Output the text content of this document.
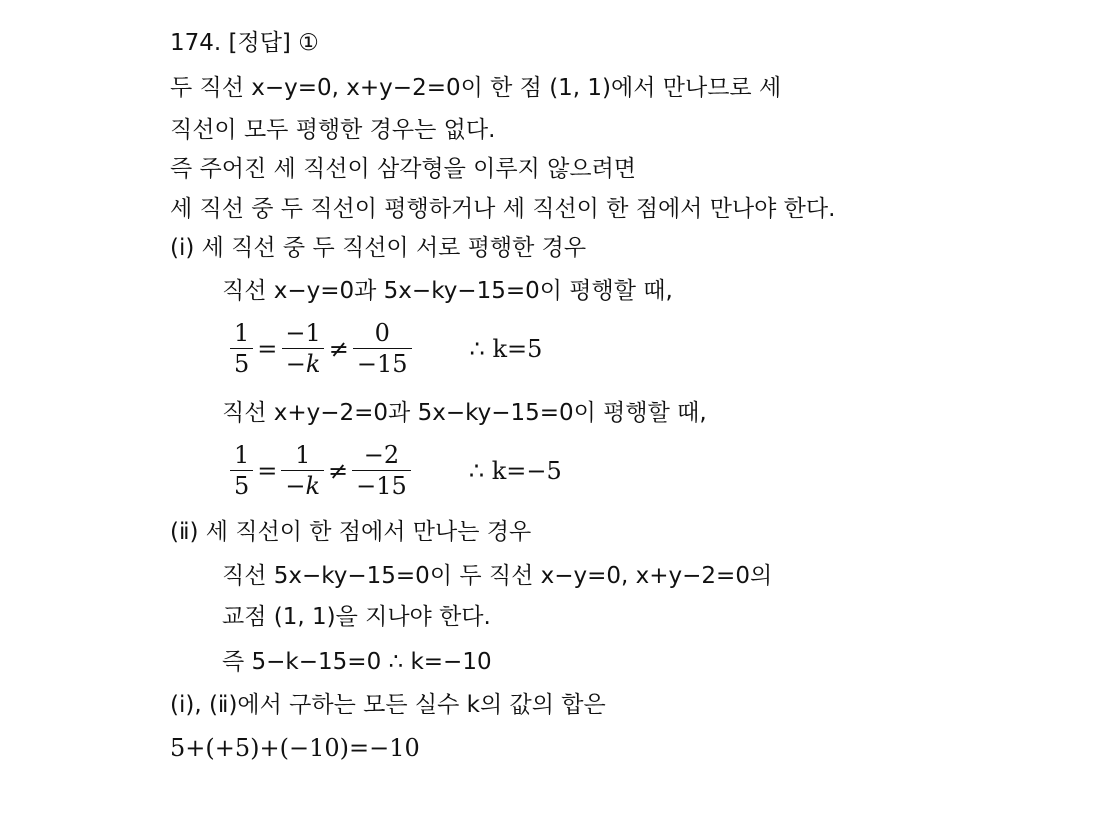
174. [정답] ①
두 직선 x−y=0, x+y−2=0이 한 점 (1, 1)에서 만나므로 세
직선이 모두 평행한 경우는 없다.
즉 주어진 세 직선이 삼각형을 이루지 않으려면
세 직선 중 두 직선이 평행하거나 세 직선이 한 점에서 만나야 한다.
(ⅰ) 세 직선 중 두 직선이 서로 평행한 경우
직선 x−y=0과 5x−ky−15=0이 평행할 때,
$\frac{1}{5} = \frac{-1}{-k} \ne \frac{0}{-15}$ ∴ k=5
직선 x+y−2=0과 5x−ky−15=0이 평행할 때,
$\frac{1}{5} = \frac{1}{-k} \ne \frac{-2}{-15}$ ∴ k=−5
(ⅱ) 세 직선이 한 점에서 만나는 경우
직선 5x−ky−15=0이 두 직선 x−y=0, x+y−2=0의
교점 (1, 1)을 지나야 한다.
즉 5−k−15=0 ∴ k=−10
(ⅰ), (ⅱ)에서 구하는 모든 실수 k의 값의 합은
5+(+5)+(−10)=−10
